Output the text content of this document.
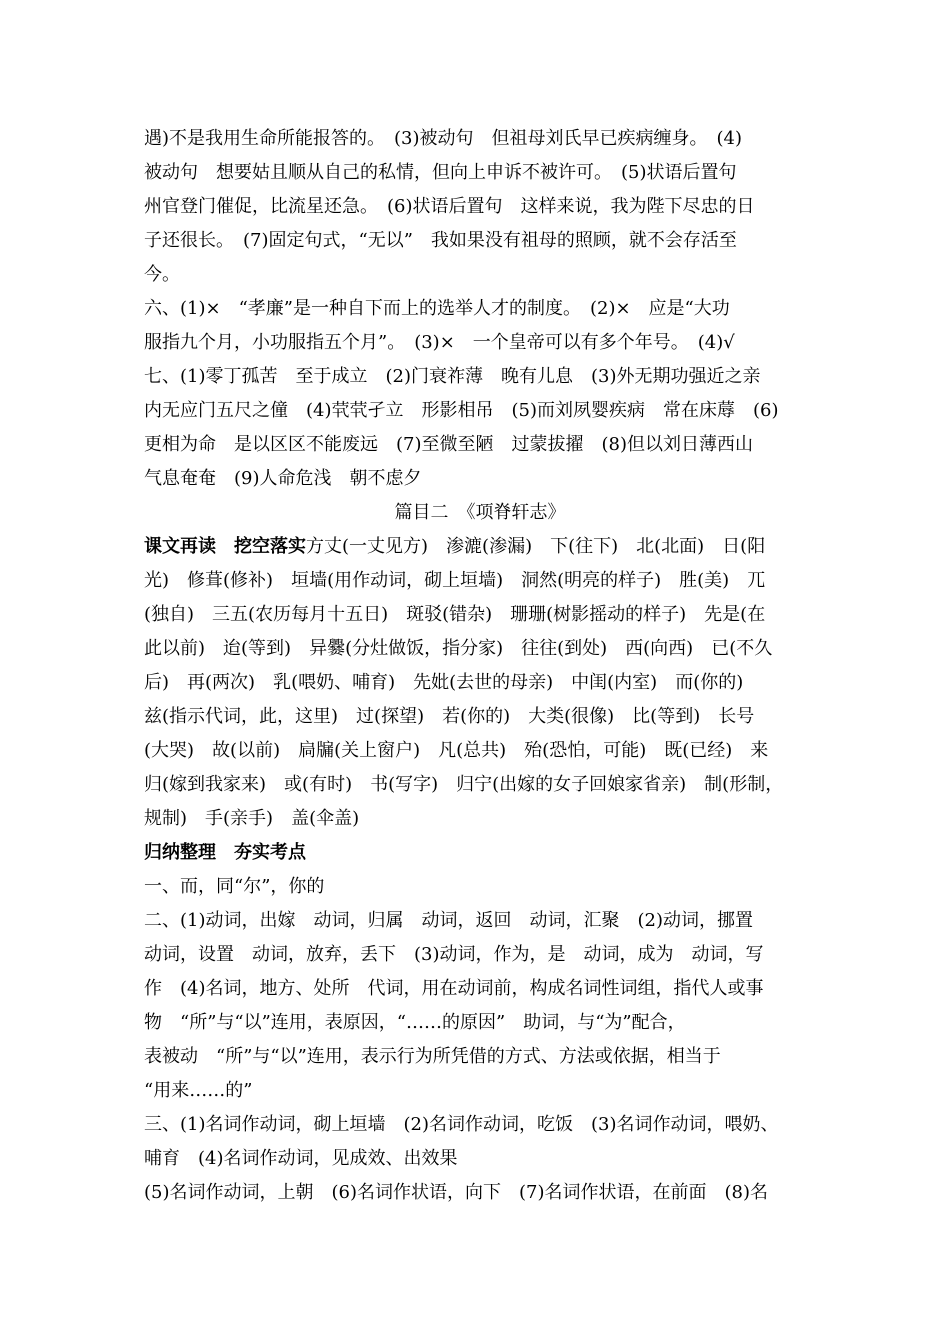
遇)不是我用生命所能报答的。　(3)被动句　但祖母刘氏早已疾病缠身。　(4)
被动句　想要姑且顺从自己的私情，但向上申诉不被许可。　(5)状语后置句
州官登门催促，比流星还急。　(6)状语后置句　这样来说，我为陛下尽忠的日
子还很长。　(7)固定句式，“无以”　我如果没有祖母的照顾，就不会存活至
今。
六、(1)×　“孝廉”是一种自下而上的选举人才的制度。　(2)×　应是“大功
服指九个月，小功服指五个月”。　(3)×　一个皇帝可以有多个年号。　(4)√
七、(1)零丁孤苦　至于成立　(2)门衰祚薄　晚有儿息　(3)外无期功强近之亲
内无应门五尺之僮　(4)茕茕孑立　形影相吊　(5)而刘夙婴疾病　常在床蓐　(6)
更相为命　是以区区不能废远　(7)至微至陋　过蒙拔擢　(8)但以刘日薄西山
气息奄奄　(9)人命危浅　朝不虑夕
篇目二　《项脊轩志》
课文再读　挖空落实方丈(一丈见方)　渗漉(渗漏)　下(往下)　北(北面)　日(阳
光)　修葺(修补)　垣墙(用作动词，砌上垣墙)　洞然(明亮的样子)　胜(美)　兀
(独自)　三五(农历每月十五日)　斑驳(错杂)　珊珊(树影摇动的样子)　先是(在
此以前)　迨(等到)　异爨(分灶做饭，指分家)　往往(到处)　西(向西)　已(不久
后)　再(两次)　乳(喂奶、哺育)　先妣(去世的母亲)　中闺(内室)　而(你的)
兹(指示代词，此，这里)　过(探望)　若(你的)　大类(很像)　比(等到)　长号
(大哭)　故(以前)　扃牖(关上窗户)　凡(总共)　殆(恐怕，可能)　既(已经)　来
归(嫁到我家来)　或(有时)　书(写字)　归宁(出嫁的女子回娘家省亲)　制(形制，
规制)　手(亲手)　盖(伞盖)
归纳整理　夯实考点
一、而，同“尔”，你的
二、(1)动词，出嫁　动词，归属　动词，返回　动词，汇聚　(2)动词，挪置
动词，设置　动词，放弃，丢下　(3)动词，作为，是　动词，成为　动词，写
作　(4)名词，地方、处所　代词，用在动词前，构成名词性词组，指代人或事
物　“所”与“以”连用，表原因，“……的原因”　助词，与“为”配合，
表被动　“所”与“以”连用，表示行为所凭借的方式、方法或依据，相当于
“用来……的”
三、(1)名词作动词，砌上垣墙　(2)名词作动词，吃饭　(3)名词作动词，喂奶、
哺育　(4)名词作动词，见成效、出效果
(5)名词作动词，上朝　(6)名词作状语，向下　(7)名词作状语，在前面　(8)名
